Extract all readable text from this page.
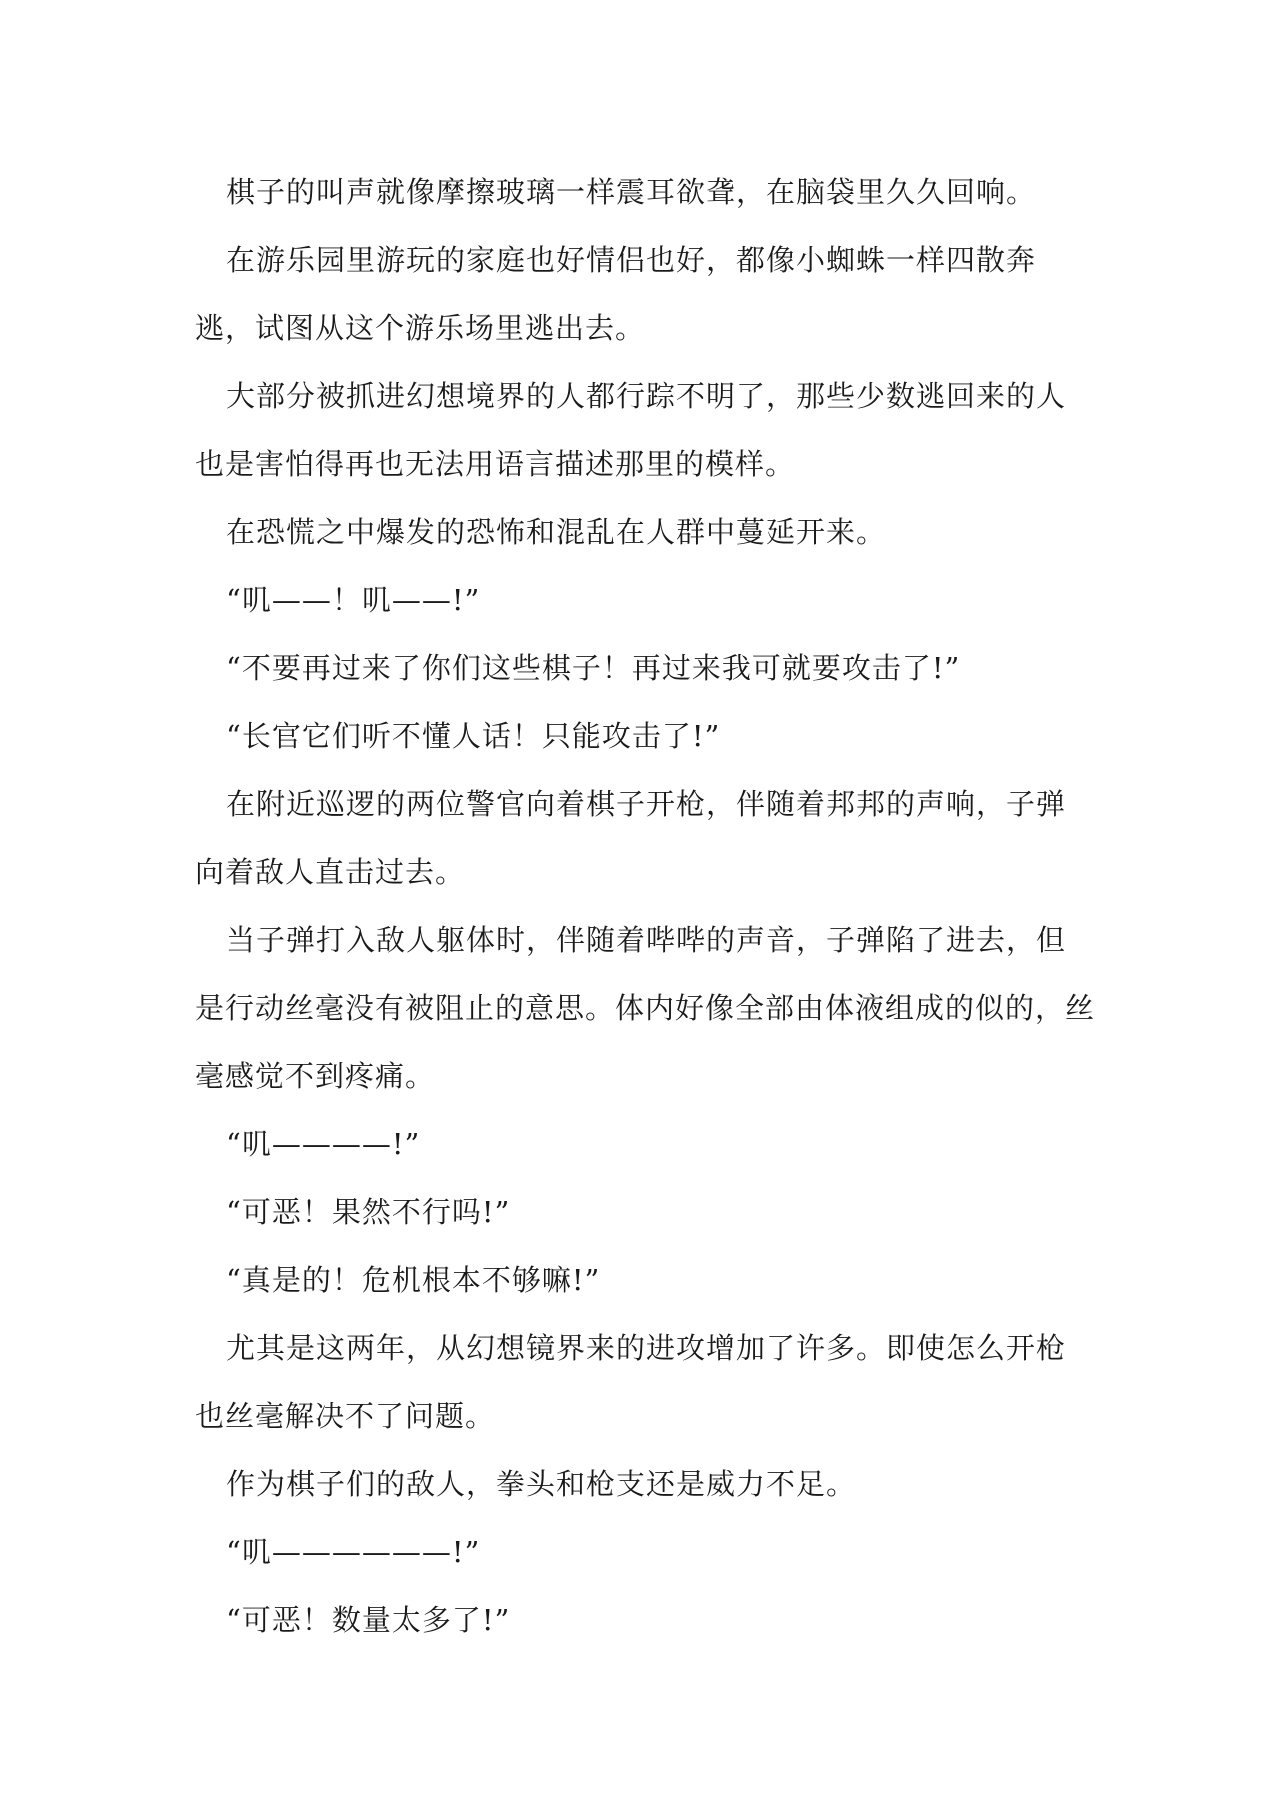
棋子的叫声就像摩擦玻璃一样震耳欲聋，在脑袋里久久回响。

在游乐园里游玩的家庭也好情侣也好，都像小蜘蛛一样四散奔逃，试图从这个游乐场里逃出去。

大部分被抓进幻想境界的人都行踪不明了，那些少数逃回来的人也是害怕得再也无法用语言描述那里的模样。

在恐慌之中爆发的恐怖和混乱在人群中蔓延开来。

“叽——！叽——!”

“不要再过来了你们这些棋子！再过来我可就要攻击了!”

“长官它们听不懂人话！只能攻击了!”

在附近巡逻的两位警官向着棋子开枪，伴随着邦邦的声响，子弹向着敌人直击过去。

当子弹打入敌人躯体时，伴随着哔哔的声音，子弹陷了进去，但是行动丝毫没有被阻止的意思。体内好像全部由体液组成的似的，丝毫感觉不到疼痛。

“叽————!”

“可恶！果然不行吗!”

“真是的！危机根本不够嘛!”

尤其是这两年，从幻想镜界来的进攻增加了许多。即使怎么开枪也丝毫解决不了问题。

作为棋子们的敌人，拳头和枪支还是威力不足。

“叽——————!”

“可恶！数量太多了!”
